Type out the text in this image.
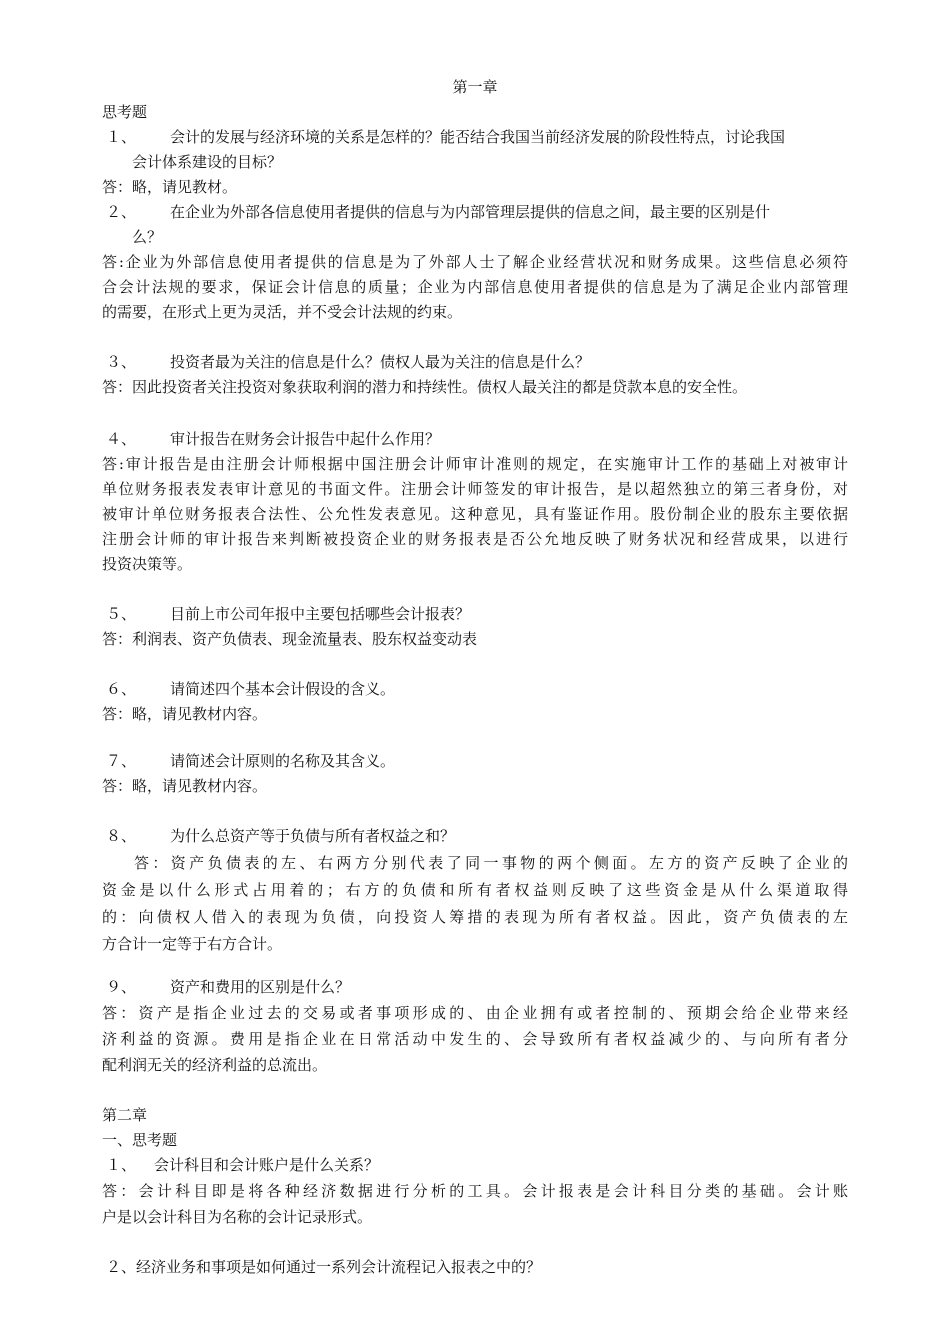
第一章
思考题
１、 会计的发展与经济环境的关系是怎样的？能否结合我国当前经济发展的阶段性特点，讨论我国
会计体系建设的目标？
答：略，请见教材。
２、 在企业为外部各信息使用者提供的信息与为内部管理层提供的信息之间，最主要的区别是什
么？
答:企业为外部信息使用者提供的信息是为了外部人士了解企业经营状况和财务成果。这些信息必须符
合会计法规的要求，保证会计信息的质量；企业为内部信息使用者提供的信息是为了满足企业内部管理
的需要，在形式上更为灵活，并不受会计法规的约束。
３、 投资者最为关注的信息是什么？债权人最为关注的信息是什么？
答：因此投资者关注投资对象获取利润的潜力和持续性。债权人最关注的都是贷款本息的安全性。
４、 审计报告在财务会计报告中起什么作用？
答:审计报告是由注册会计师根据中国注册会计师审计准则的规定，在实施审计工作的基础上对被审计
单位财务报表发表审计意见的书面文件。注册会计师签发的审计报告，是以超然独立的第三者身份，对
被审计单位财务报表合法性、公允性发表意见。这种意见，具有鉴证作用。股份制企业的股东主要依据
注册会计师的审计报告来判断被投资企业的财务报表是否公允地反映了财务状况和经营成果，以进行
投资决策等。
５、 目前上市公司年报中主要包括哪些会计报表？
答：利润表、资产负债表、现金流量表、股东权益变动表
６、 请简述四个基本会计假设的含义。
答：略，请见教材内容。
７、 请简述会计原则的名称及其含义。
答：略，请见教材内容。
８、 为什么总资产等于负债与所有者权益之和？
答：资产负债表的左、右两方分别代表了同一事物的两个侧面。左方的资产反映了企业的
资金是以什么形式占用着的；右方的负债和所有者权益则反映了这些资金是从什么渠道取得
的：向债权人借入的表现为负债，向投资人筹措的表现为所有者权益。因此，资产负债表的左
方合计一定等于右方合计。
９、 资产和费用的区别是什么？
答：资产是指企业过去的交易或者事项形成的、由企业拥有或者控制的、预期会给企业带来经
济利益的资源。费用是指企业在日常活动中发生的、会导致所有者权益减少的、与向所有者分
配利润无关的经济利益的总流出。
第二章
一、思考题
１、 会计科目和会计账户是什么关系？
答：会计科目即是将各种经济数据进行分析的工具。会计报表是会计科目分类的基础。会计账
户是以会计科目为名称的会计记录形式。
２、经济业务和事项是如何通过一系列会计流程记入报表之中的？
